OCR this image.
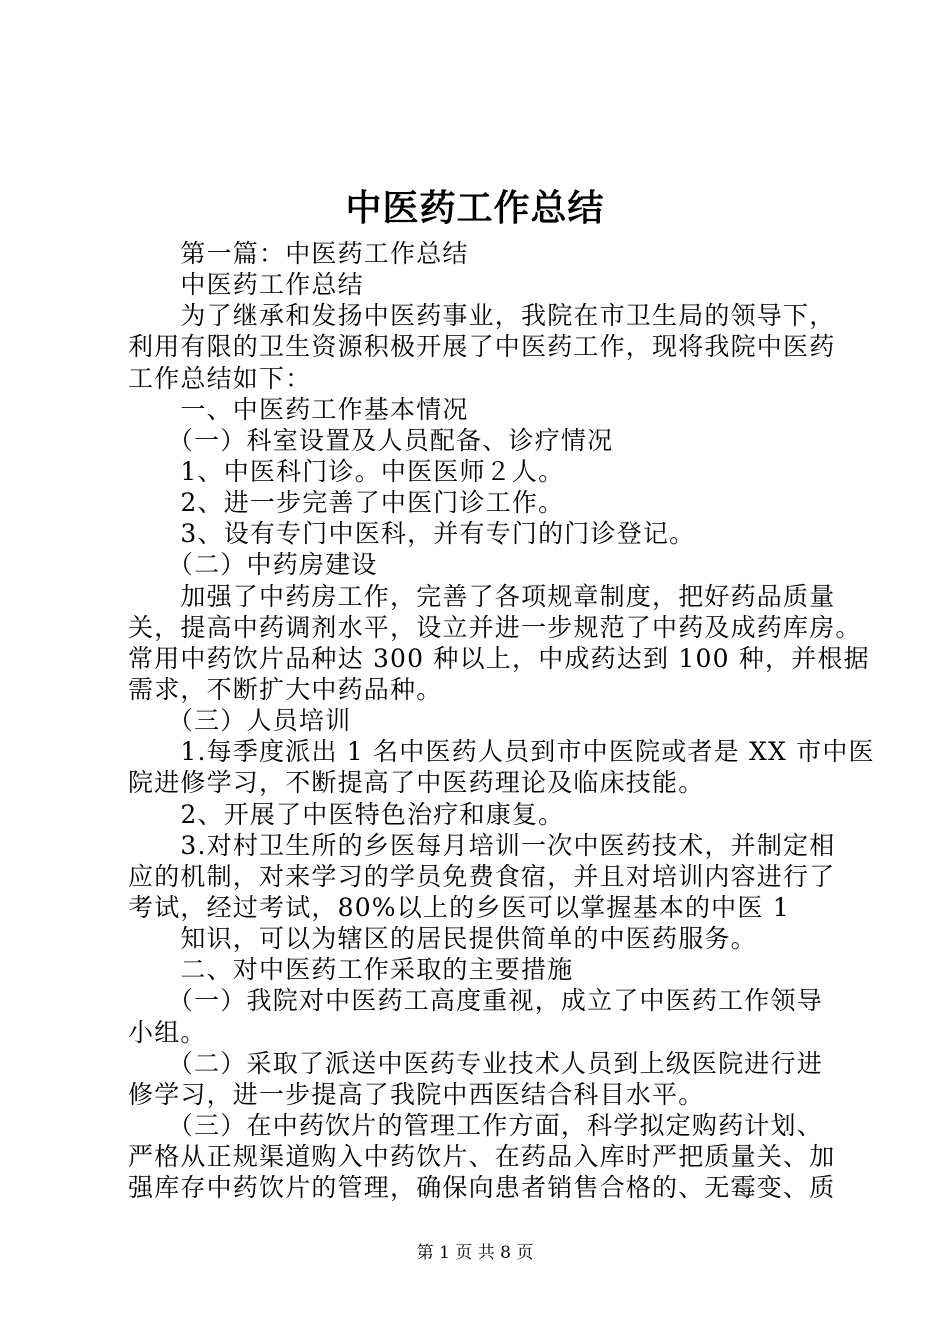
中医药工作总结
　　第一篇：中医药工作总结
　　中医药工作总结
　　为了继承和发扬中医药事业，我院在市卫生局的领导下，
利用有限的卫生资源积极开展了中医药工作，现将我院中医药
工作总结如下：
　　一、中医药工作基本情况
　　（一）科室设置及人员配备、诊疗情况
　　1、中医科门诊。中医医师２人。
　　2、进一步完善了中医门诊工作。
　　3、设有专门中医科，并有专门的门诊登记。
　　（二）中药房建设
　　加强了中药房工作，完善了各项规章制度，把好药品质量
关，提高中药调剂水平，设立并进一步规范了中药及成药库房。
常用中药饮片品种达 300 种以上，中成药达到 100 种，并根据
需求，不断扩大中药品种。
　　（三）人员培训
　　1.每季度派出 1 名中医药人员到市中医院或者是 XX 市中医
院进修学习，不断提高了中医药理论及临床技能。
　　2、开展了中医特色治疗和康复。
　　3.对村卫生所的乡医每月培训一次中医药技术，并制定相
应的机制，对来学习的学员免费食宿，并且对培训内容进行了
考试，经过考试，80%以上的乡医可以掌握基本的中医 1
　　知识，可以为辖区的居民提供简单的中医药服务。
　　二、对中医药工作采取的主要措施
　　（一）我院对中医药工高度重视，成立了中医药工作领导
小组。
　　（二）采取了派送中医药专业技术人员到上级医院进行进
修学习，进一步提高了我院中西医结合科目水平。
　　（三）在中药饮片的管理工作方面，科学拟定购药计划、
严格从正规渠道购入中药饮片、在药品入库时严把质量关、加
强库存中药饮片的管理，确保向患者销售合格的、无霉变、质
第 1 页 共 8 页
